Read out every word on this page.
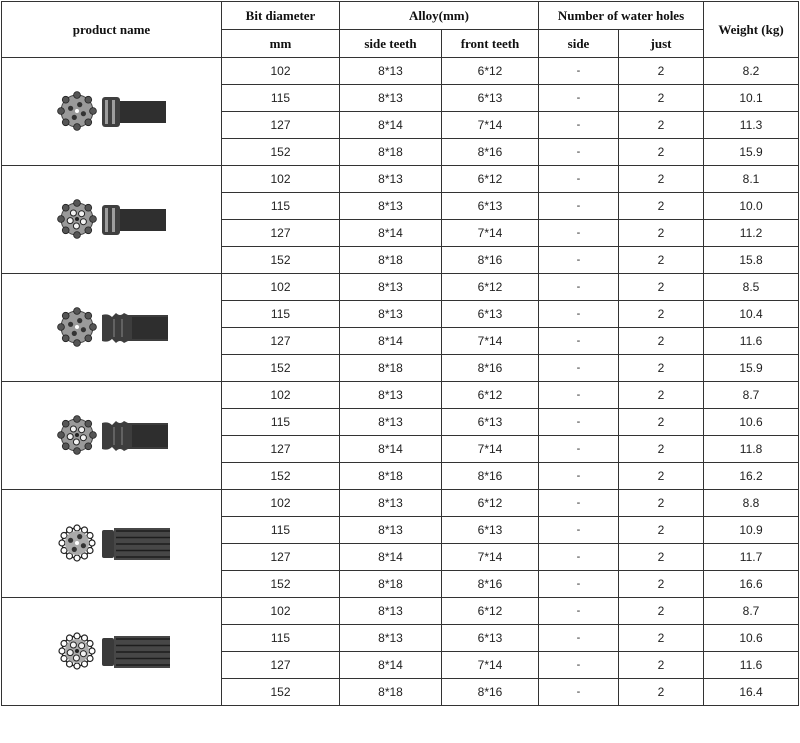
product name	Bit diameter	Alloy(mm)		Number of water holes		Weight (kg)
	mm	side teeth	front teeth	side	just	

	102	8*13	6*12	-	2	8.2
	115	8*13	6*13	-	2	10.1
	127	8*14	7*14	-	2	11.3
	152	8*18	8*16	-	2	15.9

	102	8*13	6*12	-	2	8.1
	115	8*13	6*13	-	2	10.0
	127	8*14	7*14	-	2	11.2
	152	8*18	8*16	-	2	15.8

	102	8*13	6*12	-	2	8.5
	115	8*13	6*13	-	2	10.4
	127	8*14	7*14	-	2	11.6
	152	8*18	8*16	-	2	15.9

	102	8*13	6*12	-	2	8.7
	115	8*13	6*13	-	2	10.6
	127	8*14	7*14	-	2	11.8
	152	8*18	8*16	-	2	16.2

	102	8*13	6*12	-	2	8.8
	115	8*13	6*13	-	2	10.9
	127	8*14	7*14	-	2	11.7
	152	8*18	8*16	-	2	16.6

	102	8*13	6*12	-	2	8.7
	115	8*13	6*13	-	2	10.6
	127	8*14	7*14	-	2	11.6
	152	8*18	8*16	-	2	16.4
